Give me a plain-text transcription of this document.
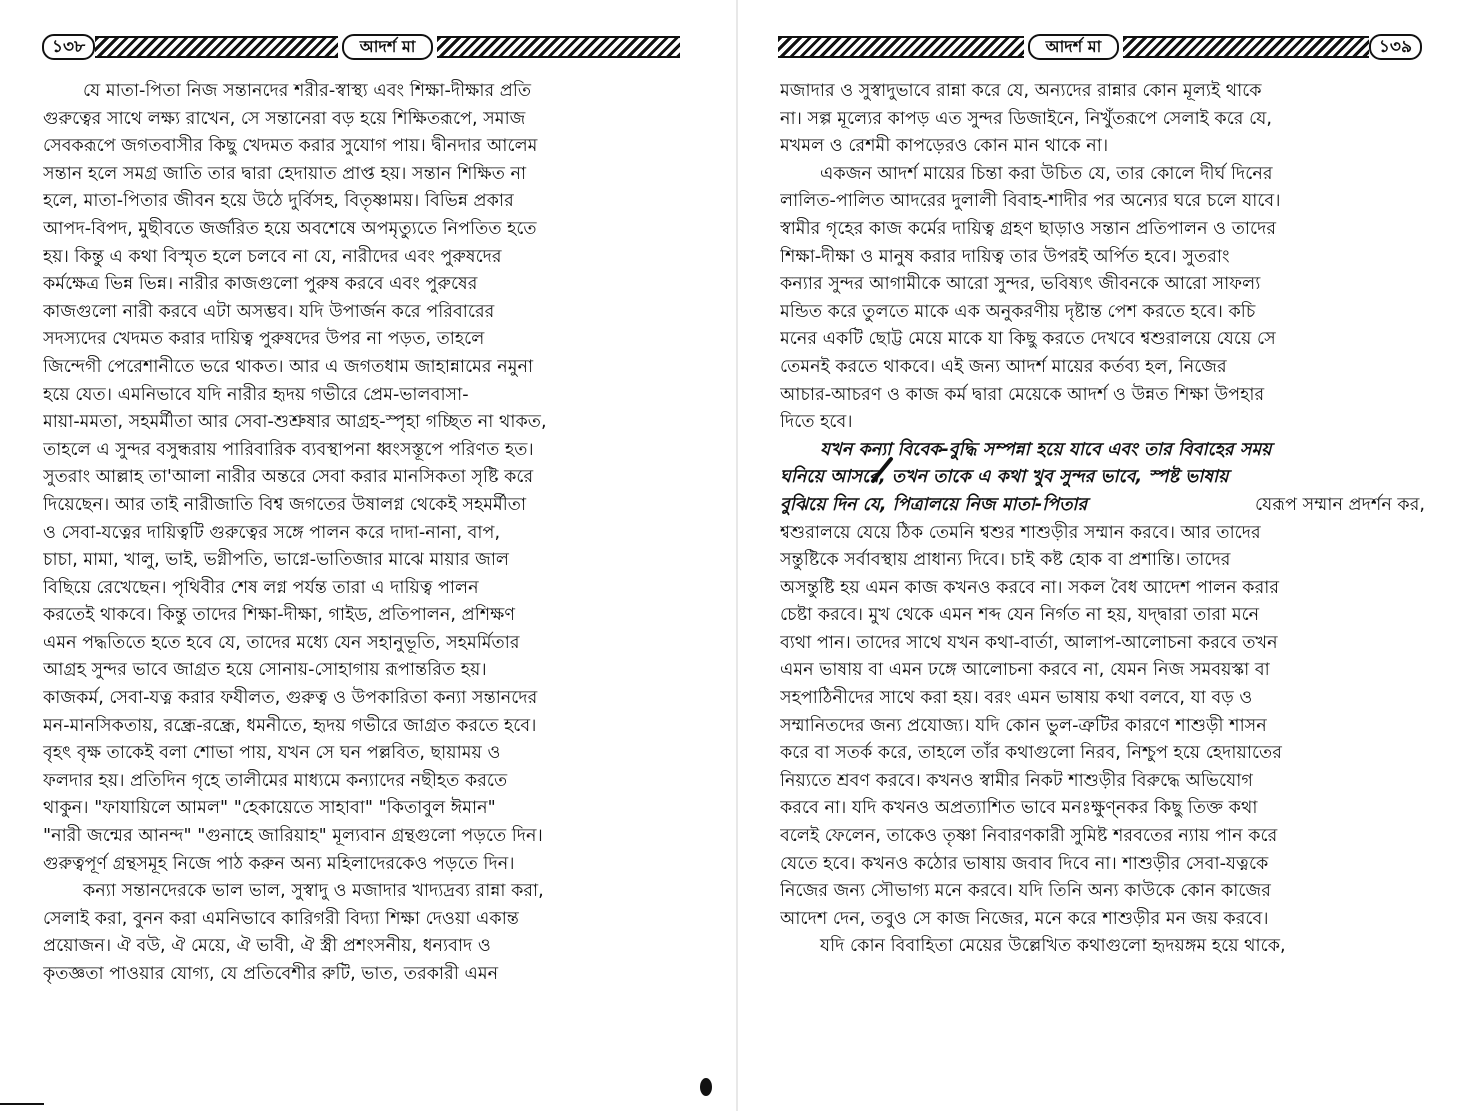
১৩৮	আদর্শ মা
যে মাতা-পিতা নিজ সন্তানদের শরীর-স্বাস্থ্য এবং শিক্ষা-দীক্ষার প্রতি
গুরুত্বের সাথে লক্ষ্য রাখেন, সে সন্তানেরা বড় হয়ে শিক্ষিতরূপে, সমাজ
সেবকরূপে জগতবাসীর কিছু খেদমত করার সুযোগ পায়। দ্বীনদার আলেম
সন্তান হলে সমগ্র জাতি তার দ্বারা হেদায়াত প্রাপ্ত হয়। সন্তান শিক্ষিত না
হলে, মাতা-পিতার জীবন হয়ে উঠে দুর্বিসহ, বিতৃষ্ণাময়। বিভিন্ন প্রকার
আপদ-বিপদ, মুছীবতে জর্জরিত হয়ে অবশেষে অপমৃত্যুতে নিপতিত হতে
হয়। কিন্তু এ কথা বিস্মৃত হলে চলবে না যে, নারীদের এবং পুরুষদের
কর্মক্ষেত্র ভিন্ন ভিন্ন। নারীর কাজগুলো পুরুষ করবে এবং পুরুষের
কাজগুলো নারী করবে এটা অসম্ভব। যদি উপার্জন করে পরিবারের
সদস্যদের খেদমত করার দায়িত্ব পুরুষদের উপর না পড়ত, তাহলে
জিন্দেগী পেরেশানীতে ভরে থাকত। আর এ জগতধাম জাহান্নামের নমুনা
হয়ে যেত। এমনিভাবে যদি নারীর হৃদয় গভীরে প্রেম-ভালবাসা-
মায়া-মমতা, সহমর্মীতা আর সেবা-শুশ্রুষার আগ্রহ-স্পৃহা গচ্ছিত না থাকত,
তাহলে এ সুন্দর বসুন্ধরায় পারিবারিক ব্যবস্থাপনা ধ্বংসস্তূপে পরিণত হত।
সুতরাং আল্লাহ তা'আলা নারীর অন্তরে সেবা করার মানসিকতা সৃষ্টি করে
দিয়েছেন। আর তাই নারীজাতি বিশ্ব জগতের উষালগ্ন থেকেই সহমর্মীতা
ও সেবা-যত্নের দায়িত্বটি গুরুত্বের সঙ্গে পালন করে দাদা-নানা, বাপ,
চাচা, মামা, খালু, ভাই, ভগ্নীপতি, ভাগ্নে-ভাতিজার মাঝে মায়ার জাল
বিছিয়ে রেখেছেন। পৃথিবীর শেষ লগ্ন পর্যন্ত তারা এ দায়িত্ব পালন
করতেই থাকবে। কিন্তু তাদের শিক্ষা-দীক্ষা, গাইড, প্রতিপালন, প্রশিক্ষণ
এমন পদ্ধতিতে হতে হবে যে, তাদের মধ্যে যেন সহানুভূতি, সহমর্মিতার
আগ্রহ সুন্দর ভাবে জাগ্রত হয়ে সোনায়-সোহাগায় রূপান্তরিত হয়।
কাজকর্ম, সেবা-যত্ন করার ফযীলত, গুরুত্ব ও উপকারিতা কন্যা সন্তানদের
মন-মানসিকতায়, রন্ধ্রে-রন্ধ্রে, ধমনীতে, হৃদয় গভীরে জাগ্রত করতে হবে।
বৃহৎ বৃক্ষ তাকেই বলা শোভা পায়, যখন সে ঘন পল্লবিত, ছায়াময় ও
ফলদার হয়। প্রতিদিন গৃহে তালীমের মাধ্যমে কন্যাদের নছীহত করতে
থাকুন। "ফাযায়িলে আমল" "হেকায়েতে সাহাবা" "কিতাবুল ঈমান"
"নারী জন্মের আনন্দ" "গুনাহে জারিয়াহ" মূল্যবান গ্রন্থগুলো পড়তে দিন।
গুরুত্বপূর্ণ গ্রন্থসমূহ নিজে পাঠ করুন অন্য মহিলাদেরকেও পড়তে দিন।
কন্যা সন্তানদেরকে ভাল ভাল, সুস্বাদু ও মজাদার খাদ্যদ্রব্য রান্না করা,
সেলাই করা, বুনন করা এমনিভাবে কারিগরী বিদ্যা শিক্ষা দেওয়া একান্ত
প্রয়োজন। ঐ বউ, ঐ মেয়ে, ঐ ভাবী, ঐ স্ত্রী প্রশংসনীয়, ধন্যবাদ ও
কৃতজ্ঞতা পাওয়ার যোগ্য, যে প্রতিবেশীর রুটি, ভাত, তরকারী এমন
আদর্শ মা	১৩৯
মজাদার ও সুস্বাদুভাবে রান্না করে যে, অন্যদের রান্নার কোন মূল্যই থাকে
না। সল্প মূল্যের কাপড় এত সুন্দর ডিজাইনে, নিখুঁতরূপে সেলাই করে যে,
মখমল ও রেশমী কাপড়েরও কোন মান থাকে না।
একজন আদর্শ মায়ের চিন্তা করা উচিত যে, তার কোলে দীর্ঘ দিনের
লালিত-পালিত আদরের দুলালী বিবাহ-শাদীর পর অন্যের ঘরে চলে যাবে।
স্বামীর গৃহের কাজ কর্মের দায়িত্ব গ্রহণ ছাড়াও সন্তান প্রতিপালন ও তাদের
শিক্ষা-দীক্ষা ও মানুষ করার দায়িত্ব তার উপরই অর্পিত হবে। সুতরাং
কন্যার সুন্দর আগামীকে আরো সুন্দর, ভবিষ্যৎ জীবনকে আরো সাফল্য
মন্ডিত করে তুলতে মাকে এক অনুকরণীয় দৃষ্টান্ত পেশ করতে হবে। কচি
মনের একটি ছোট্ট মেয়ে মাকে যা কিছু করতে দেখবে শ্বশুরালয়ে যেয়ে সে
তেমনই করতে থাকবে। এই জন্য আদর্শ মায়ের কর্তব্য হল, নিজের
আচার-আচরণ ও কাজ কর্ম দ্বারা মেয়েকে আদর্শ ও উন্নত শিক্ষা উপহার
দিতে হবে।
যখন কন্যা বিবেক-বুদ্ধি সম্পন্না হয়ে যাবে এবং তার বিবাহের সময়
ঘনিয়ে আসবে, তখন তাকে এ কথা খুব সুন্দর ভাবে, স্পষ্ট ভাষায়
বুঝিয়ে দিন যে, পিত্রালয়ে নিজ মাতা-পিতার	যেরূপ সম্মান প্রদর্শন কর,
শ্বশুরালয়ে যেয়ে ঠিক তেমনি শ্বশুর শাশুড়ীর সম্মান করবে। আর তাদের
সন্তুষ্টিকে সর্বাবস্থায় প্রাধান্য দিবে। চাই কষ্ট হোক বা প্রশান্তি। তাদের
অসন্তুষ্টি হয় এমন কাজ কখনও করবে না। সকল বৈধ আদেশ পালন করার
চেষ্টা করবে। মুখ থেকে এমন শব্দ যেন নির্গত না হয়, যদ্দ্বারা তারা মনে
ব্যথা পান। তাদের সাথে যখন কথা-বার্তা, আলাপ-আলোচনা করবে তখন
এমন ভাষায় বা এমন ঢঙ্গে আলোচনা করবে না, যেমন নিজ সমবয়স্কা বা
সহপাঠিনীদের সাথে করা হয়। বরং এমন ভাষায় কথা বলবে, যা বড় ও
সম্মানিতদের জন্য প্রযোজ্য। যদি কোন ভুল-ত্রুটির কারণে শাশুড়ী শাসন
করে বা সতর্ক করে, তাহলে তাঁর কথাগুলো নিরব, নিশ্চুপ হয়ে হেদায়াতের
নিয়্যতে শ্রবণ করবে। কখনও স্বামীর নিকট শাশুড়ীর বিরুদ্ধে অভিযোগ
করবে না। যদি কখনও অপ্রত্যাশিত ভাবে মনঃক্ষুণ্নকর কিছু তিক্ত কথা
বলেই ফেলেন, তাকেও তৃষ্ণা নিবারণকারী সুমিষ্ট শরবতের ন্যায় পান করে
যেতে হবে। কখনও কঠোর ভাষায় জবাব দিবে না। শাশুড়ীর সেবা-যত্নকে
নিজের জন্য সৌভাগ্য মনে করবে। যদি তিনি অন্য কাউকে কোন কাজের
আদেশ দেন, তবুও সে কাজ নিজের, মনে করে শাশুড়ীর মন জয় করবে।
যদি কোন বিবাহিতা মেয়ের উল্লেখিত কথাগুলো হৃদয়ঙ্গম হয়ে থাকে,
